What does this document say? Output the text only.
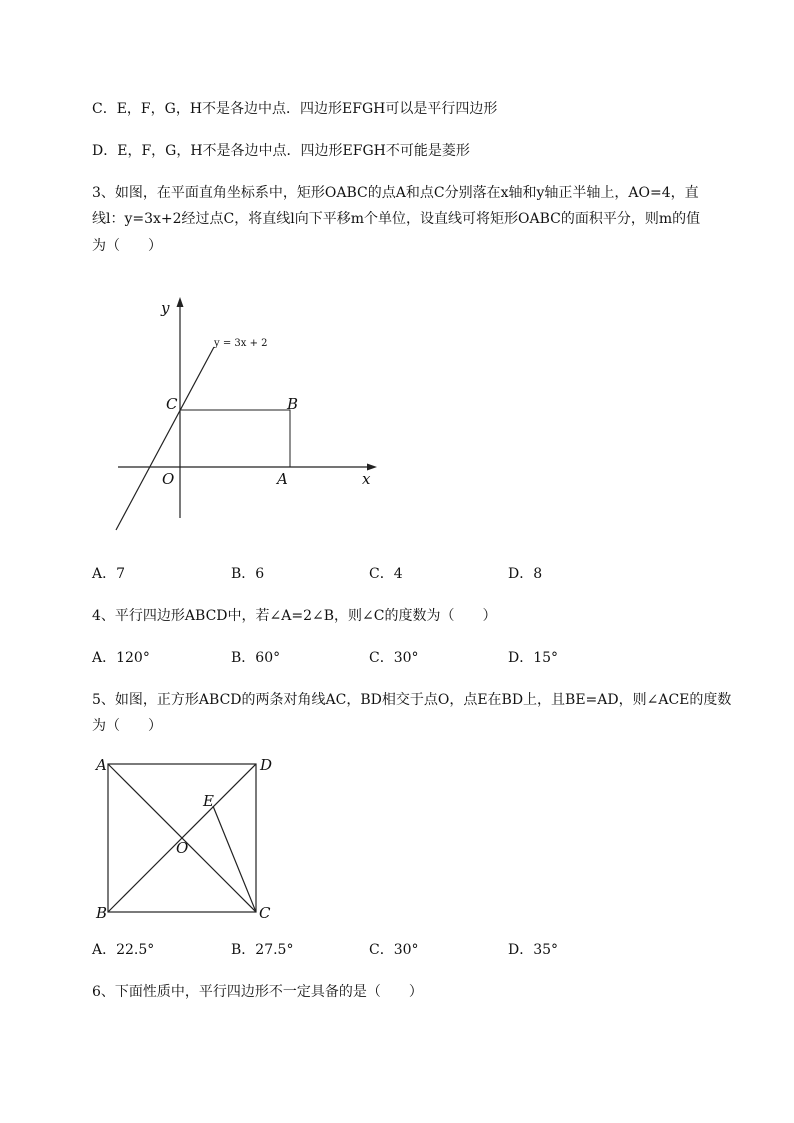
C．E，F，G，H不是各边中点．四边形EFGH可以是平行四边形
D．E，F，G，H不是各边中点．四边形EFGH不可能是菱形
3、如图，在平面直角坐标系中，矩形OABC的点A和点C分别落在x轴和y轴正半轴上，AO=4，直
线l：y=3x+2经过点C，将直线l向下平移m个单位，设直线可将矩形OABC的面积平分，则m的值
为（　　）
y
x
y = 3x + 2
C	B
O	A
A．7	B．6	C．4	D．8
4、平行四边形ABCD中，若∠A=2∠B，则∠C的度数为（　　）
A．120°	B．60°	C．30°	D．15°
5、如图，正方形ABCD的两条对角线AC，BD相交于点O，点E在BD上，且BE=AD，则∠ACE的度数
为（　　）
A	D
E
O
B	C
A．22.5°	B．27.5°	C．30°	D．35°
6、下面性质中，平行四边形不一定具备的是（　　）
